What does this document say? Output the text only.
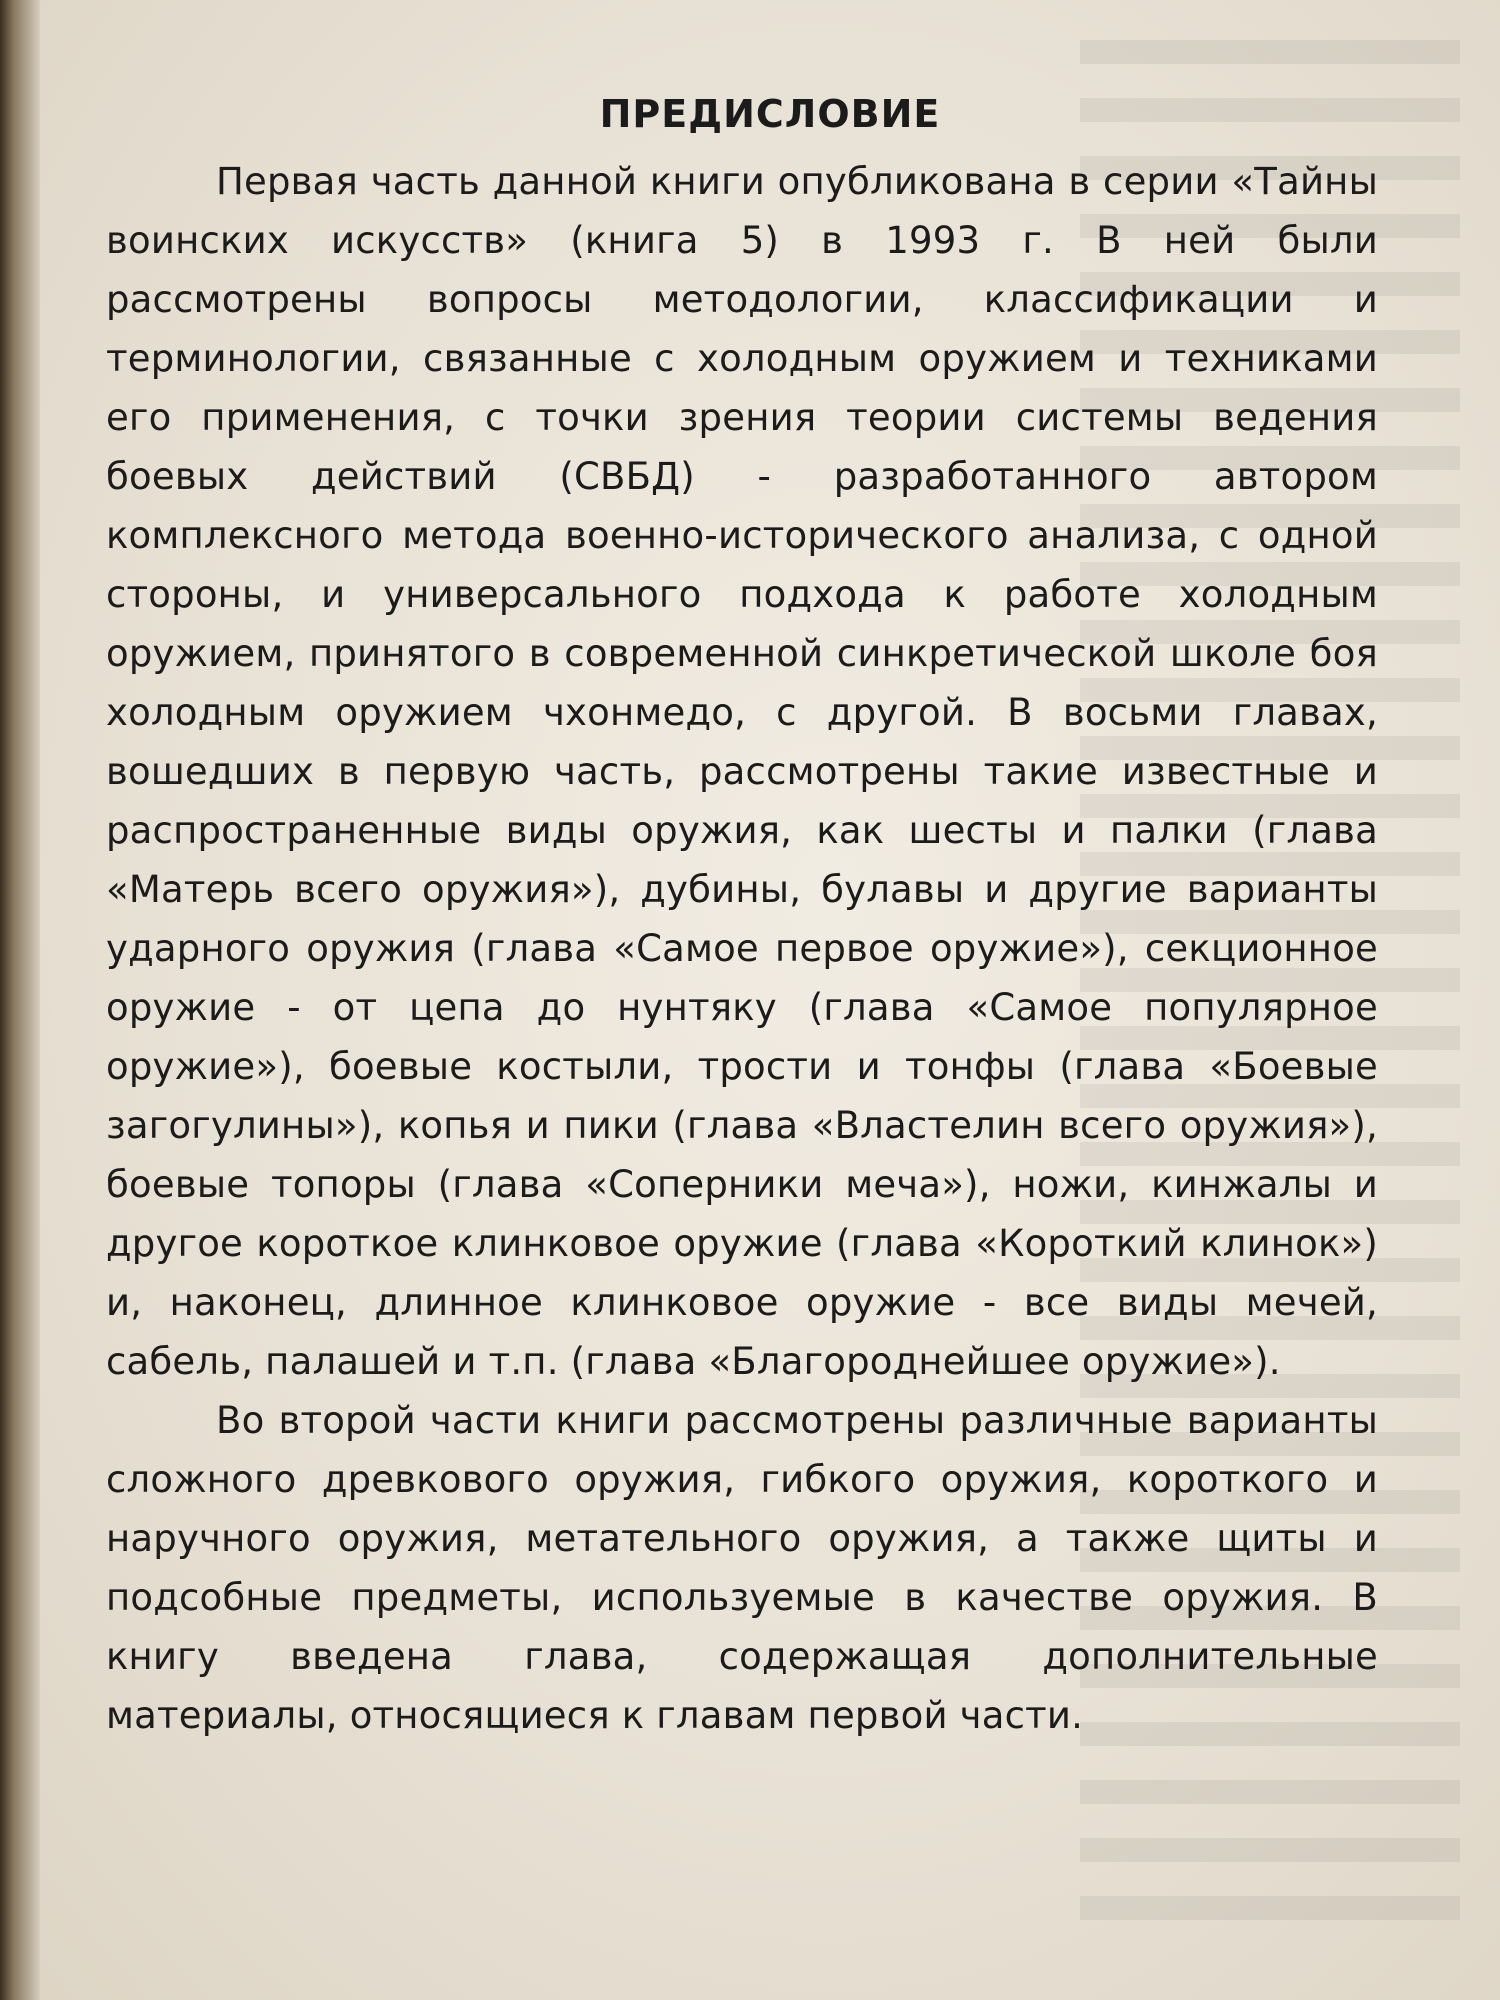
ПРЕДИСЛОВИЕ

Первая часть данной книги опубликована в серии «Тайны воинских искусств» (книга 5) в 1993 г. В ней были рассмотрены вопросы методологии, классификации и терминологии, связанные с холодным оружием и техниками его применения, с точки зрения теории системы ведения боевых действий (СВБД) - разработанного автором комплексного метода военно-исторического анализа, с одной стороны, и универсального подхода к работе холодным оружием, принятого в современной синкретической школе боя холодным оружием чхонмедо, с другой. В восьми главах, вошедших в первую часть, рассмотрены такие известные и распространенные виды оружия, как шесты и палки (глава «Матерь всего оружия»), дубины, булавы и другие варианты ударного оружия (глава «Самое первое оружие»), секционное оружие - от цепа до нунтяку (глава «Самое популярное оружие»), боевые костыли, трости и тонфы (глава «Боевые загогулины»), копья и пики (глава «Властелин всего оружия»), боевые топоры (глава «Соперники меча»), ножи, кинжалы и другое короткое клинковое оружие (глава «Короткий клинок») и, наконец, длинное клинковое оружие - все виды мечей, сабель, палашей и т.п. (глава «Благороднейшее оружие»).

Во второй части книги рассмотрены различные варианты сложного древкового оружия, гибкого оружия, короткого и наручного оружия, метательного оружия, а также щиты и подсобные предметы, используемые в качестве оружия. В книгу введена глава, содержащая дополнительные материалы, относящиеся к главам первой части.
